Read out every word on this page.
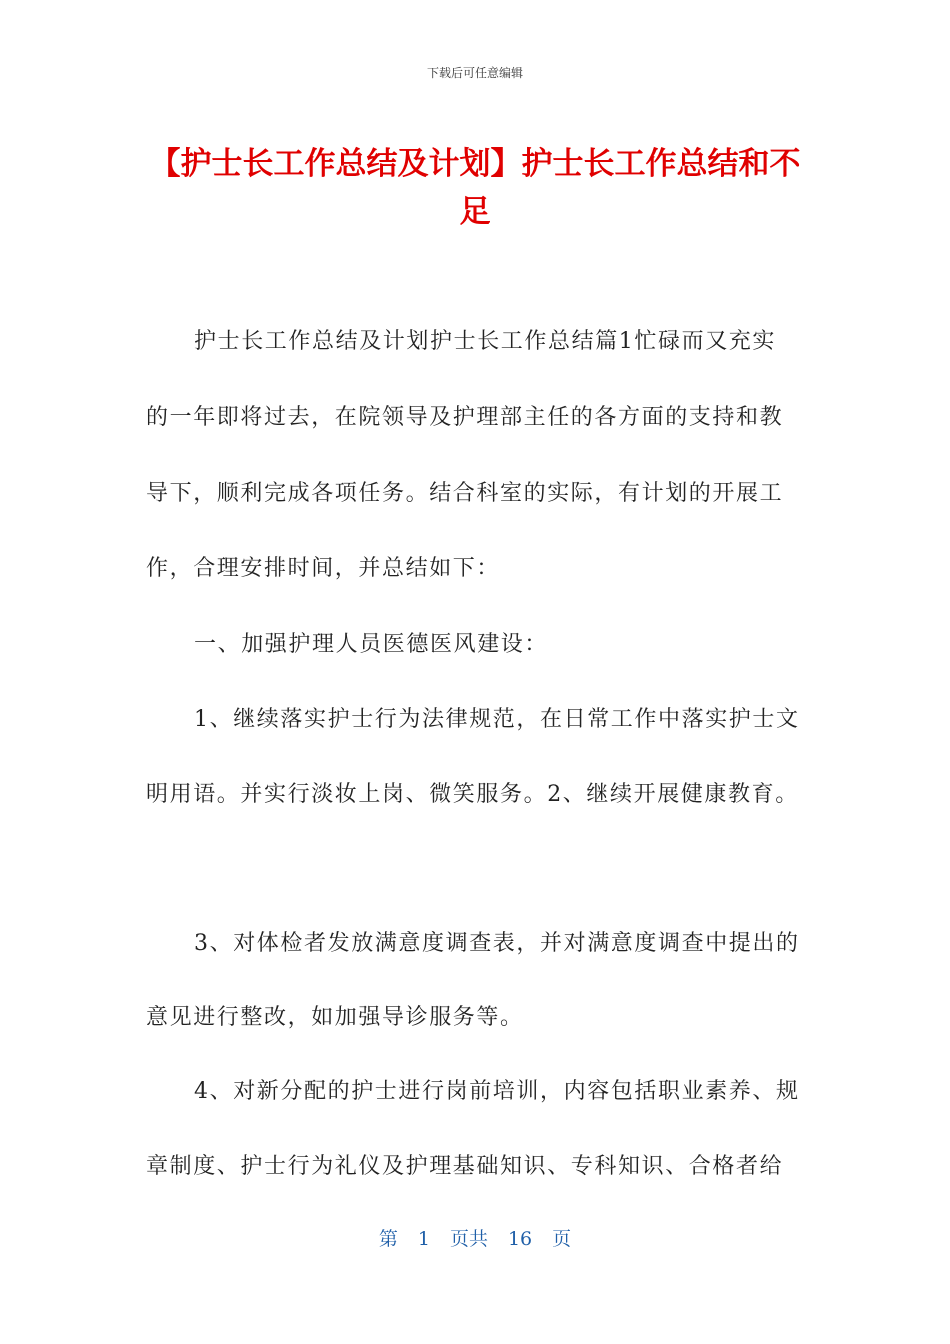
下载后可任意编辑
【护士长工作总结及计划】护士长工作总结和不足
护士长工作总结及计划护士长工作总结篇1忙碌而又充实
的一年即将过去，在院领导及护理部主任的各方面的支持和教
导下，顺利完成各项任务。结合科室的实际，有计划的开展工
作，合理安排时间，并总结如下：
一、加强护理人员医德医风建设：
1、继续落实护士行为法律规范，在日常工作中落实护士文
明用语。并实行淡妆上岗、微笑服务。2、继续开展健康教育。
3、对体检者发放满意度调查表，并对满意度调查中提出的
意见进行整改，如加强导诊服务等。
4、对新分配的护士进行岗前培训，内容包括职业素养、规
章制度、护士行为礼仪及护理基础知识、专科知识、合格者给
第 1 页共 16 页
